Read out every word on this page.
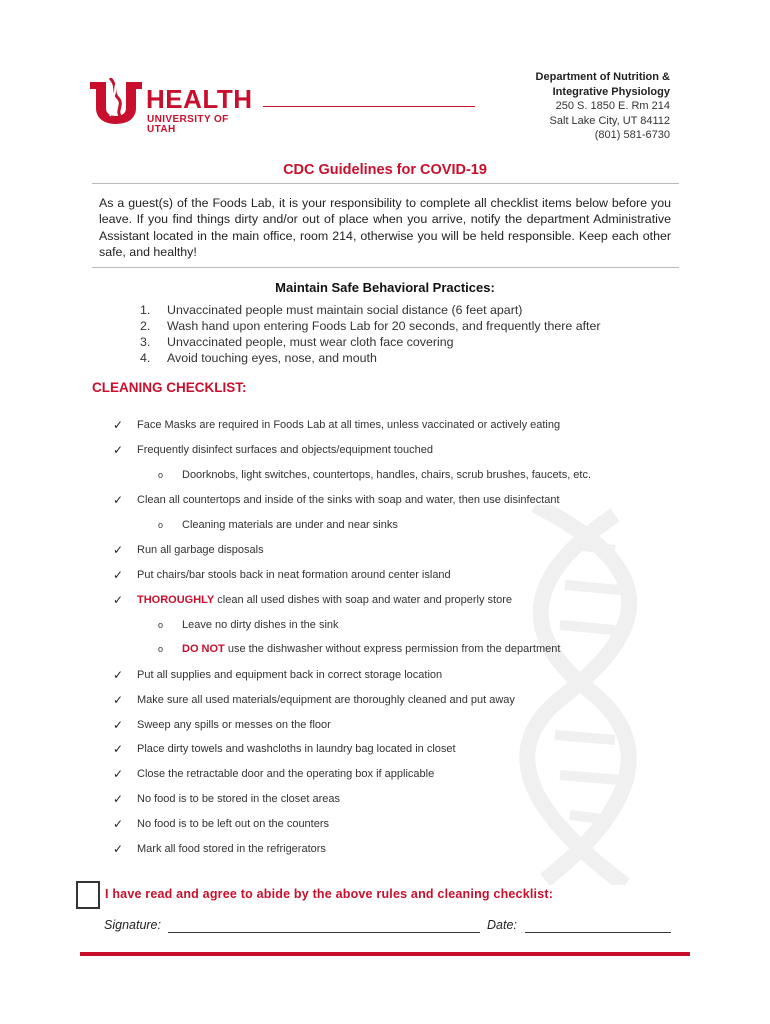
HEALTH
UNIVERSITY OF UTAH
Department of Nutrition &
Integrative Physiology
250 S. 1850 E. Rm 214
Salt Lake City, UT 84112
(801) 581-6730
CDC Guidelines for COVID-19
As a guest(s) of the Foods Lab, it is your responsibility to complete all checklist items below before you leave. If you find things dirty and/or out of place when you arrive, notify the department Administrative Assistant located in the main office, room 214, otherwise you will be held responsible. Keep each other safe, and healthy!
Maintain Safe Behavioral Practices:
1.	Unvaccinated people must maintain social distance (6 feet apart)
2.	Wash hand upon entering Foods Lab for 20 seconds, and frequently there after
3.	Unvaccinated people, must wear cloth face covering
4.	Avoid touching eyes, nose, and mouth
CLEANING CHECKLIST:
✓	Face Masks are required in Foods Lab at all times, unless vaccinated or actively eating
✓	Frequently disinfect surfaces and objects/equipment touched
o	Doorknobs, light switches, countertops, handles, chairs, scrub brushes, faucets, etc.
✓	Clean all countertops and inside of the sinks with soap and water, then use disinfectant
o	Cleaning materials are under and near sinks
✓	Run all garbage disposals
✓	Put chairs/bar stools back in neat formation around center island
✓	THOROUGHLY clean all used dishes with soap and water and properly store
o	Leave no dirty dishes in the sink
o	DO NOT use the dishwasher without express permission from the department
✓	Put all supplies and equipment back in correct storage location
✓	Make sure all used materials/equipment are thoroughly cleaned and put away
✓	Sweep any spills or messes on the floor
✓	Place dirty towels and washcloths in laundry bag located in closet
✓	Close the retractable door and the operating box if applicable
✓	No food is to be stored in the closet areas
✓	No food is to be left out on the counters
✓	Mark all food stored in the refrigerators
I have read and agree to abide by the above rules and cleaning checklist:
Signature:	Date:
